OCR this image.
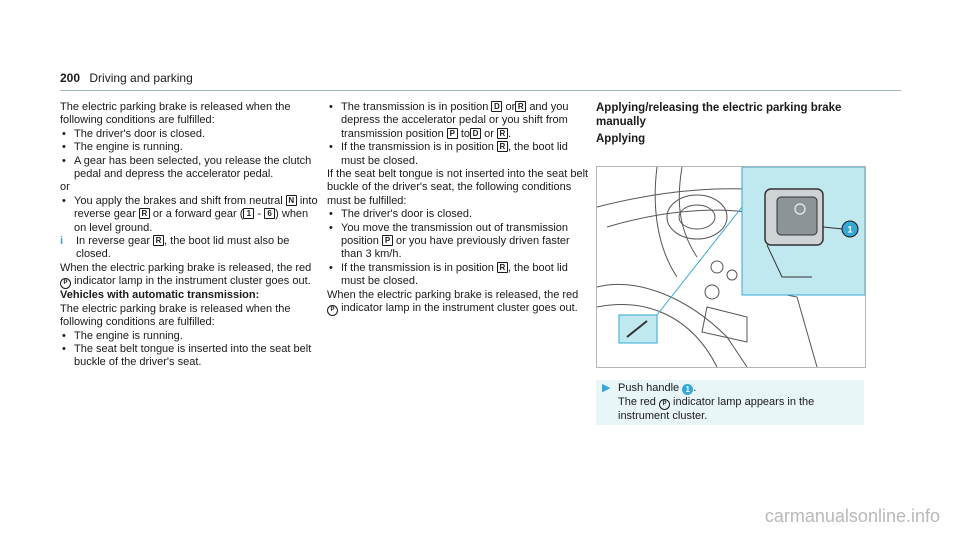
200 Driving and parking

The electric parking brake is released when the following conditions are fulfilled:

• The driver's door is closed.

• The engine is running.

• A gear has been selected, you release the clutch pedal and depress the accelerator pedal.

or

• You apply the brakes and shift from neutral N into reverse gear R or a forward gear ( 1 - 6 ) when on level ground.

i In reverse gear R , the boot lid must also be closed.

When the electric parking brake is released, the red P indicator lamp in the instrument cluster goes out.

Vehicles with automatic transmission:

The electric parking brake is released when the following conditions are fulfilled:

• The engine is running.

• The seat belt tongue is inserted into the seat belt buckle of the driver's seat.

• The transmission is in position D or R and you depress the accelerator pedal or you shift from transmission position P to D or R .

• If the transmission is in position R , the boot lid must be closed.

If the seat belt tongue is not inserted into the seat belt buckle of the driver's seat, the following conditions must be fulfilled:

• The driver's door is closed.

• You move the transmission out of transmission position P or you have previously driven faster than 3 km/h.

• If the transmission is in position R , the boot lid must be closed.

When the electric parking brake is released, the red P indicator lamp in the instrument cluster goes out.

Applying/releasing the electric parking brake manually

Applying

1
▶ Push handle 1 .

The red P indicator lamp appears in the instrument cluster.

carmanualsonline.info
